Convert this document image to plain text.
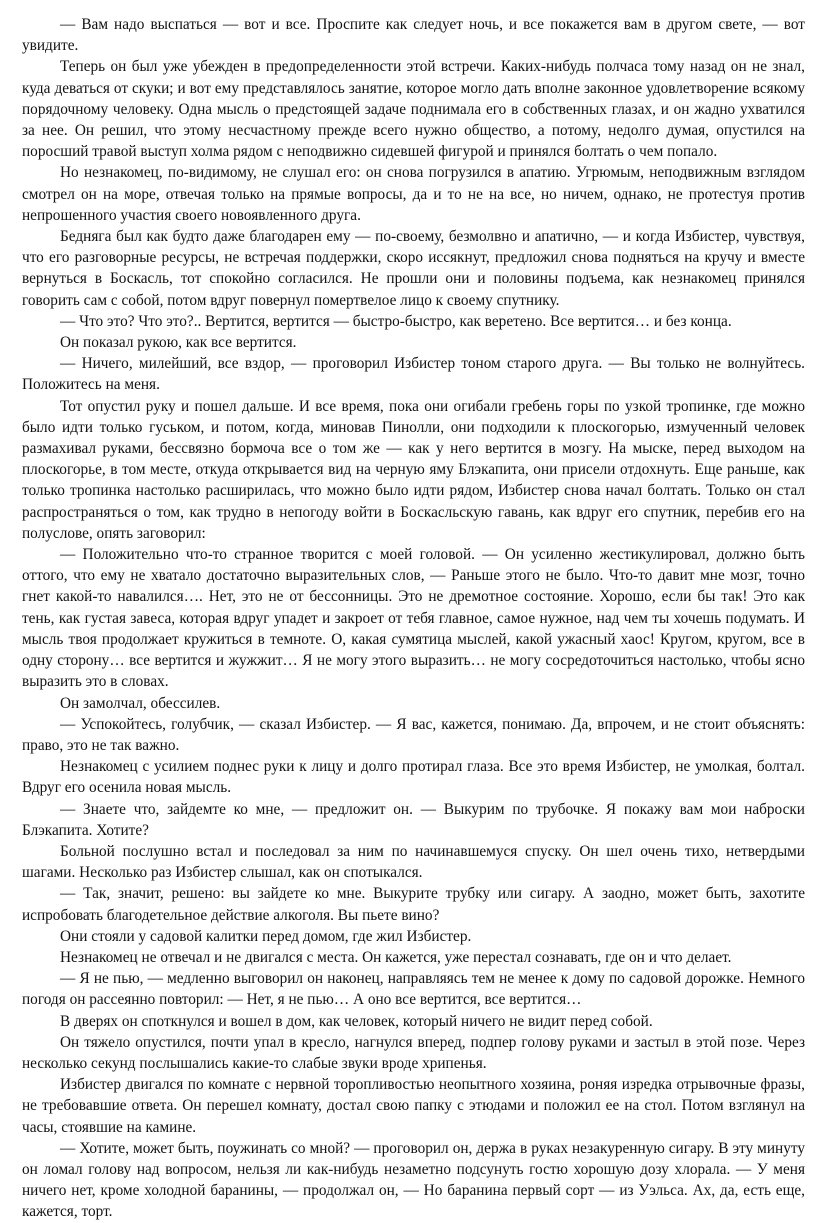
— Вам надо выспаться — вот и все. Проспите как следует ночь, и все покажется вам в другом свете, — вот увидите.

Теперь он был уже убежден в предопределенности этой встречи. Каких-нибудь полчаса тому назад он не знал, куда деваться от скуки; и вот ему представлялось занятие, которое могло дать вполне законное удовлетворение всякому порядочному человеку. Одна мысль о предстоящей задаче поднимала его в собственных глазах, и он жадно ухватился за нее. Он решил, что этому несчастному прежде всего нужно общество, а потому, недолго думая, опустился на поросший травой выступ холма рядом с неподвижно сидевшей фигурой и принялся болтать о чем попало.

Но незнакомец, по-видимому, не слушал его: он снова погрузился в апатию. Угрюмым, неподвижным взглядом смотрел он на море, отвечая только на прямые вопросы, да и то не на все, но ничем, однако, не протестуя против непрошенного участия своего новоявленного друга.

Бедняга был как будто даже благодарен ему — по-своему, безмолвно и апатично, — и когда Избистер, чувствуя, что его разговорные ресурсы, не встречая поддержки, скоро иссякнут, предложил снова подняться на кручу и вместе вернуться в Боскасль, тот спокойно согласился. Не прошли они и половины подъема, как незнакомец принялся говорить сам с собой, потом вдруг повернул помертвелое лицо к своему спутнику.

— Что это? Что это?.. Вертится, вертится — быстро-быстро, как веретено. Все вертится… и без конца.

Он показал рукою, как все вертится.

— Ничего, милейший, все вздор, — проговорил Избистер тоном старого друга. — Вы только не волнуйтесь. Положитесь на меня.

Тот опустил руку и пошел дальше. И все время, пока они огибали гребень горы по узкой тропинке, где можно было идти только гуськом, и потом, когда, миновав Пинолли, они подходили к плоскогорью, измученный человек размахивал руками, бессвязно бормоча все о том же — как у него вертится в мозгу. На мыске, перед выходом на плоскогорье, в том месте, откуда открывается вид на черную яму Блэкапита, они присели отдохнуть. Еще раньше, как только тропинка настолько расширилась, что можно было идти рядом, Избистер снова начал болтать. Только он стал распространяться о том, как трудно в непогоду войти в Боскасльскую гавань, как вдруг его спутник, перебив его на полуслове, опять заговорил:

— Положительно что-то странное творится с моей головой. — Он усиленно жестикулировал, должно быть оттого, что ему не хватало достаточно выразительных слов, — Раньше этого не было. Что-то давит мне мозг, точно гнет какой-то навалился…. Нет, это не от бессонницы. Это не дремотное состояние. Хорошо, если бы так! Это как тень, как густая завеса, которая вдруг упадет и закроет от тебя главное, самое нужное, над чем ты хочешь подумать. И мысль твоя продолжает кружиться в темноте. О, какая сумятица мыслей, какой ужасный хаос! Кругом, кругом, все в одну сторону… все вертится и жужжит… Я не могу этого выразить… не могу сосредоточиться настолько, чтобы ясно выразить это в словах.

Он замолчал, обессилев.

— Успокойтесь, голубчик, — сказал Избистер. — Я вас, кажется, понимаю. Да, впрочем, и не стоит объяснять: право, это не так важно.

Незнакомец с усилием поднес руки к лицу и долго протирал глаза. Все это время Избистер, не умолкая, болтал. Вдруг его осенила новая мысль.

— Знаете что, зайдемте ко мне, — предложит он. — Выкурим по трубочке. Я покажу вам мои наброски Блэкапита. Хотите?

Больной послушно встал и последовал за ним по начинавшемуся спуску. Он шел очень тихо, нетвердыми шагами. Несколько раз Избистер слышал, как он спотыкался.

— Так, значит, решено: вы зайдете ко мне. Выкурите трубку или сигару. А заодно, может быть, захотите испробовать благодетельное действие алкоголя. Вы пьете вино?

Они стояли у садовой калитки перед домом, где жил Избистер.

Незнакомец не отвечал и не двигался с места. Он кажется, уже перестал сознавать, где он и что делает.

— Я не пью, — медленно выговорил он наконец, направляясь тем не менее к дому по садовой дорожке. Немного погодя он рассеянно повторил: — Нет, я не пью… А оно все вертится, все вертится…

В дверях он споткнулся и вошел в дом, как человек, который ничего не видит перед собой.

Он тяжело опустился, почти упал в кресло, нагнулся вперед, подпер голову руками и застыл в этой позе. Через несколько секунд послышались какие-то слабые звуки вроде хрипенья.

Избистер двигался по комнате с нервной торопливостью неопытного хозяина, роняя изредка отрывочные фразы, не требовавшие ответа. Он перешел комнату, достал свою папку с этюдами и положил ее на стол. Потом взглянул на часы, стоявшие на камине.

— Хотите, может быть, поужинать со мной? — проговорил он, держа в руках незакуренную сигару. В эту минуту он ломал голову над вопросом, нельзя ли как-нибудь незаметно подсунуть гостю хорошую дозу хлорала. — У меня ничего нет, кроме холодной баранины, — продолжал он, — Но баранина первый сорт — из Уэльса. Ах, да, есть еще, кажется, торт.
